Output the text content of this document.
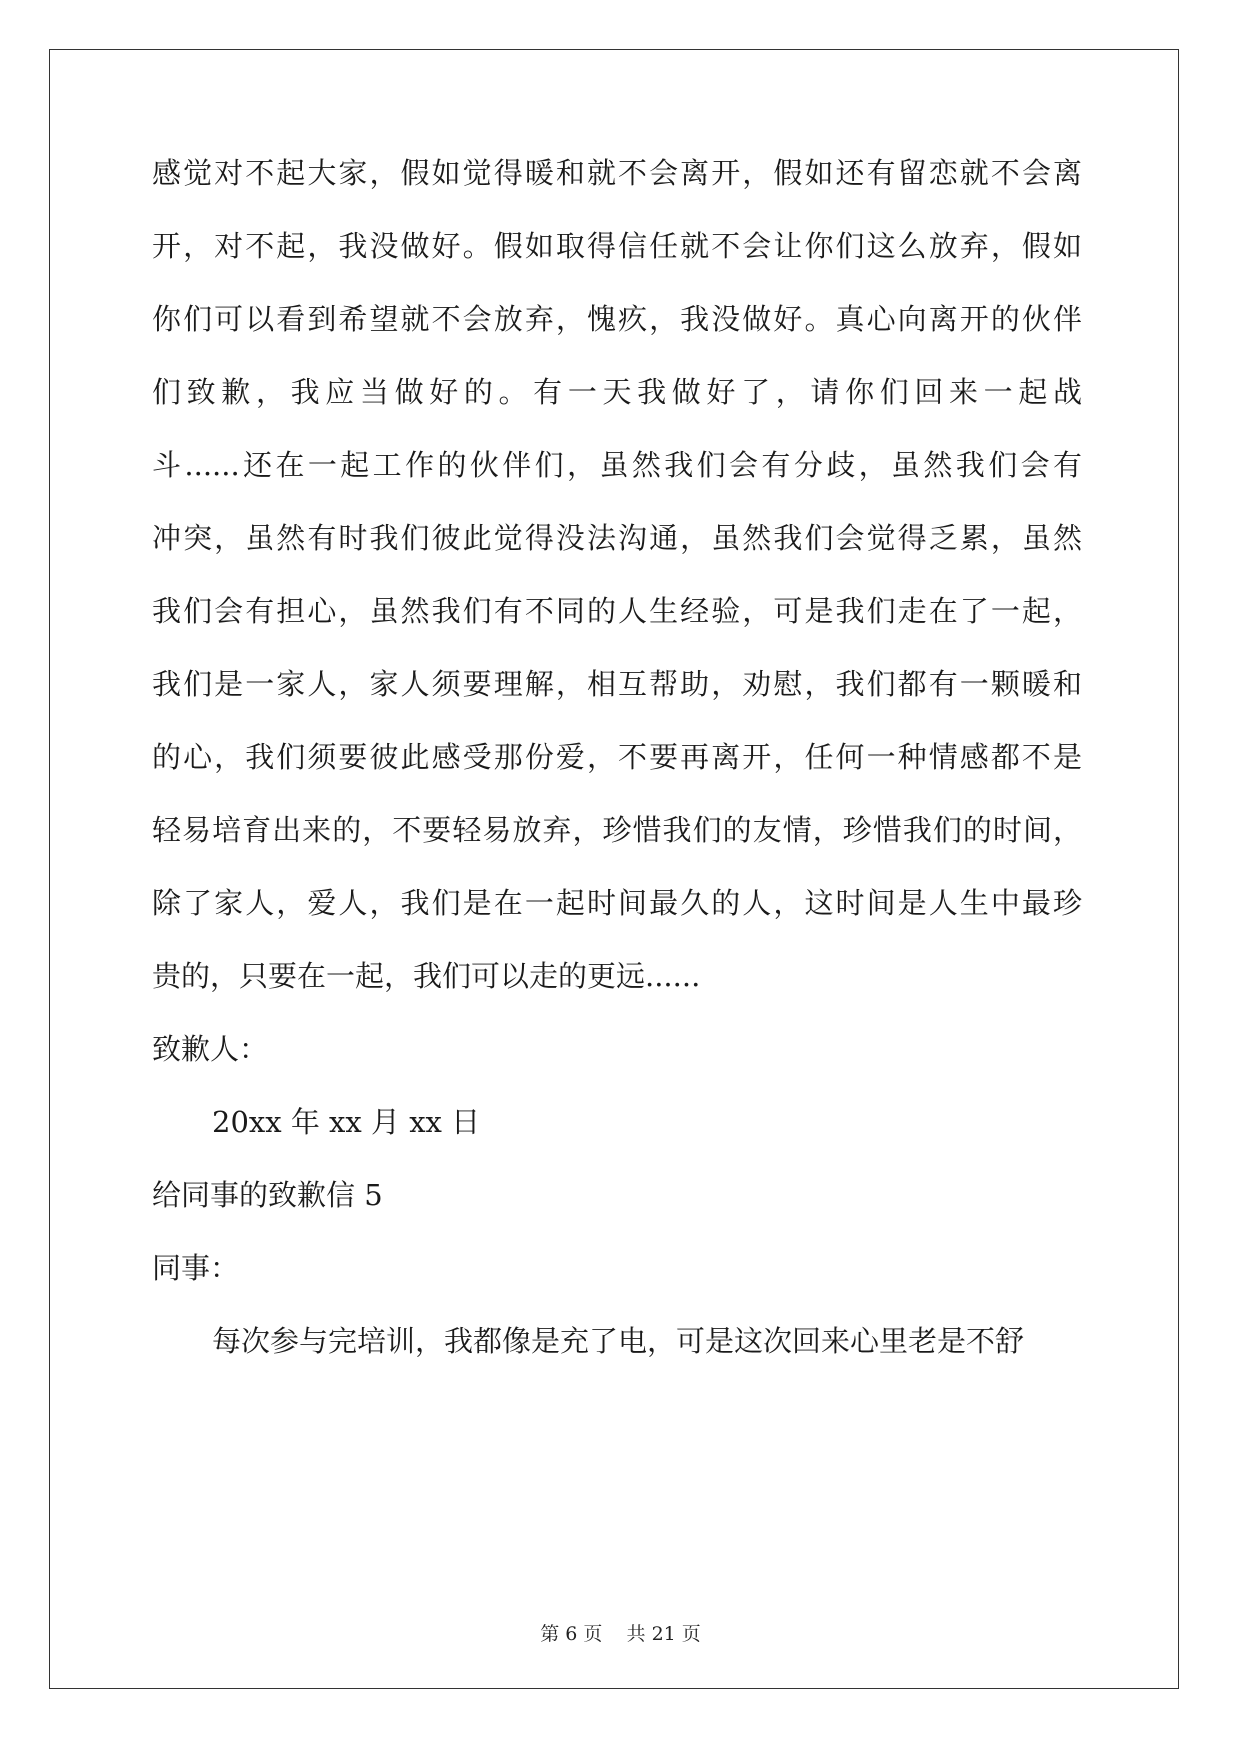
感觉对不起大家，假如觉得暖和就不会离开，假如还有留恋就不会离
开，对不起，我没做好。假如取得信任就不会让你们这么放弃，假如
你们可以看到希望就不会放弃，愧疚，我没做好。真心向离开的伙伴
们致歉，我应当做好的。有一天我做好了，请你们回来一起战
斗......还在一起工作的伙伴们，虽然我们会有分歧，虽然我们会有
冲突，虽然有时我们彼此觉得没法沟通，虽然我们会觉得乏累，虽然
我们会有担心，虽然我们有不同的人生经验，可是我们走在了一起，
我们是一家人，家人须要理解，相互帮助，劝慰，我们都有一颗暖和
的心，我们须要彼此感受那份爱，不要再离开，任何一种情感都不是
轻易培育出来的，不要轻易放弃，珍惜我们的友情，珍惜我们的时间，
除了家人，爱人，我们是在一起时间最久的人，这时间是人生中最珍
贵的，只要在一起，我们可以走的更远......
致歉人：
20xx 年 xx 月 xx 日
给同事的致歉信 5
同事：
每次参与完培训，我都像是充了电，可是这次回来心里老是不舒
第 6 页 共 21 页
